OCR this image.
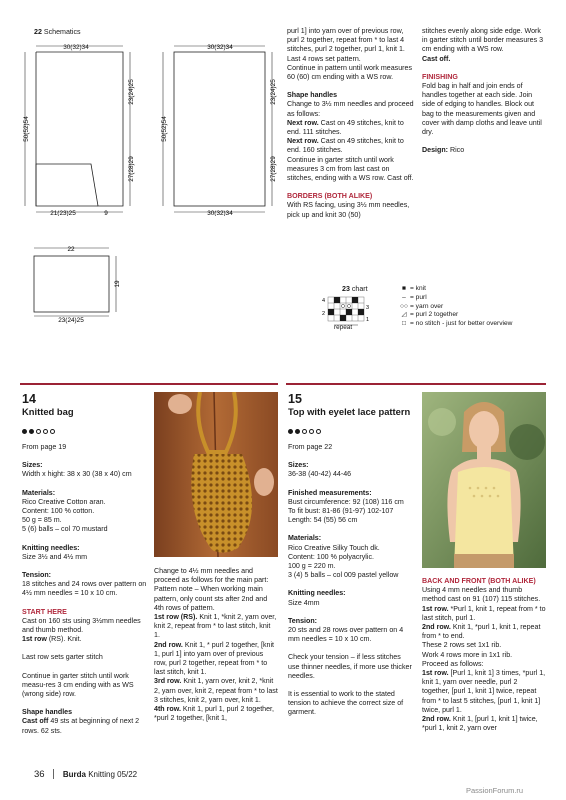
22 Schematics
30(32)34
50(52)54
23(24)25
27(28)29
21(23)25	9
30(32)34
50(52)54
23(24)25
27(28)29
30(32)34
22
19
23(24)25

purl 1] into yarn over of previous row, purl 2 together, repeat from * to last 4 stitches, purl 2 together, purl 1, knit 1.

Last 4 rows set pattern.

Continue in pattern until work measures 60 (60) cm ending with a WS row.

Shape handles

Change to 3½ mm needles and proceed as follows:

Next row. Cast on 49 stitches, knit to end. 111 stitches.

Next row. Cast on 49 stitches, knit to end. 160 stitches.

Continue in garter stitch until work measures 3 cm from last cast on stitches, ending with a WS row. Cast off.

BORDERS (BOTH ALIKE)

With RS facing, using 3½ mm needles, pick up and knit 30 (50)

stitches evenly along side edge. Work in garter stitch until border measures 3 cm ending with a WS row.

Cast off.

FINISHING

Fold bag in half and join ends of handles together at each side. Join side of edging to handles. Block out bag to the measurements given and cover with damp cloths and leave until dry.

Design: Rico

23 chart
4
3
2
1
repeat
■ = knit
– = purl
○○ = yarn over
◿ = purl 2 together
□ = no stitch - just for better overview
14
Knitted bag

From page 19

Sizes:

Width x hight: 38 x 30 (38 x 40) cm

Materials:

Rico Creative Cotton aran.

Content: 100 % cotton.

50 g = 85 m.

5 (6) balls – col 70 mustard

Knitting needles:

Size 3½ and 4½ mm

Tension:

18 stitches and 24 rows over pattern on 4½ mm needles = 10 x 10 cm.

START HERE

Cast on 160 sts using 3½mm needles and thumb method.

1st row (RS). Knit.

Last row sets garter stitch

Continue in garter stitch until work measu-res 3 cm ending with as WS (wrong side) row.

Shape handles

Cast off 49 sts at beginning of next 2 rows. 62 sts.

Change to 4½ mm needles and proceed as follows for the main part:

Pattern note – When working main pattern, only count sts after 2nd and 4th rows of pattern.

1st row (RS). Knit 1, *knit 2, yarn over, knit 2, repeat from * to last stitch, knit 1.

2nd row. Knit 1, * purl 2 together, [knit 1, purl 1] into yarn over of previous row, purl 2 together, repeat from * to last stitch, knit 1.

3rd row. Knit 1, yarn over, knit 2, *knit 2, yarn over, knit 2, repeat from * to last 3 stitches, knit 2, yarn over, knit 1.

4th row. Knit 1, purl 1, purl 2 together, *purl 2 together, [knit 1,

15
Top with eyelet lace pattern

From page 22

Sizes:

36-38 (40-42) 44-46

Finished measurements:

Bust circumference: 92 (108) 116 cm

To fit bust: 81-86 (91-97) 102-107

Length: 54 (55) 56 cm

Materials:

Rico Creative Silky Touch dk.

Content: 100 % polyacrylic.

100 g = 220 m.

3 (4) 5 balls – col 009 pastel yellow

Knitting needles:

Size 4mm

Tension:

20 sts and 28 rows over pattern on 4 mm needles = 10 x 10 cm.

Check your tension – if less stitches use thinner needles, if more use thicker needles.

It is essential to work to the stated tension to achieve the correct size of garment.

BACK AND FRONT (BOTH ALIKE)

Using 4 mm needles and thumb method cast on 91 (107) 115 stitches.

1st row. *Purl 1, knit 1, repeat from * to last stitch, purl 1.

2nd row. Knit 1, *purl 1, knit 1, repeat from * to end.

These 2 rows set 1x1 rib.

Work 4 rows more in 1x1 rib.

Proceed as follows:

1st row. [Purl 1, knit 1] 3 times, *purl 1, knit 1, yarn over needle, purl 2 together, [purl 1, knit 1] twice, repeat from * to last 5 stitches, [purl 1, knit 1] twice, purl 1.

2nd row. Knit 1, [purl 1, knit 1] twice, *purl 1, knit 2, yarn over

36 Burda Knitting 05/22
PassionForum.ru
